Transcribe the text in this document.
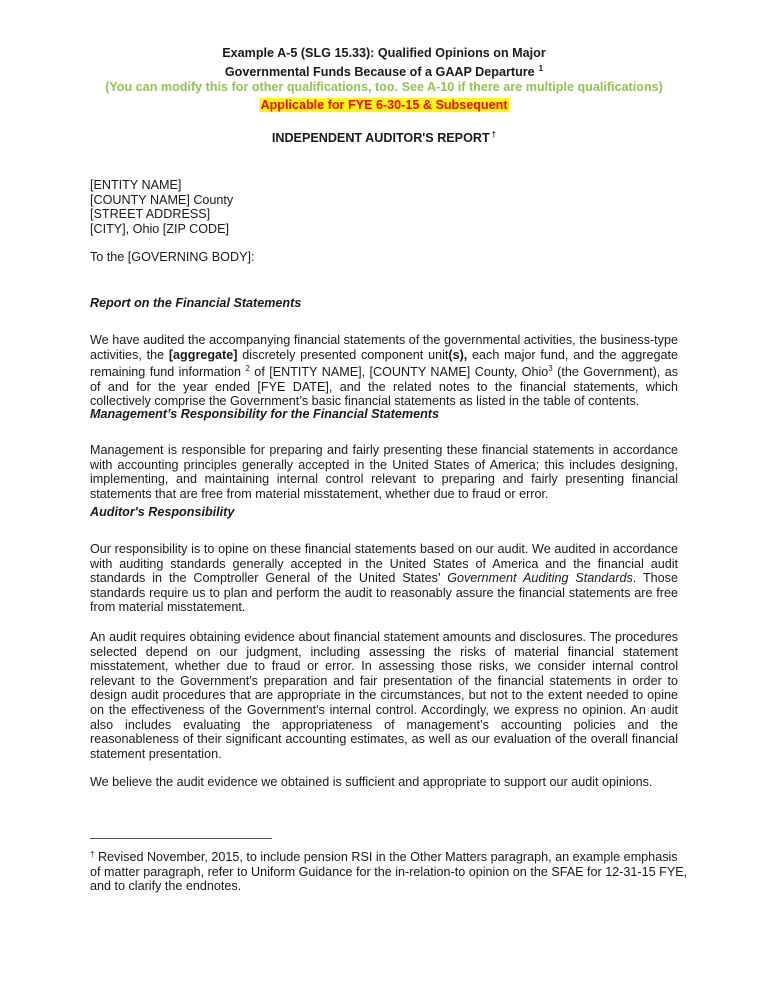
Example A-5 (SLG 15.33): Qualified Opinions on Major
Governmental Funds Because of a GAAP Departure $^1$
(You can modify this for other qualifications, too. See A-10 if there are multiple qualifications)
Applicable for FYE 6-30-15 & Subsequent
INDEPENDENT AUDITOR'S REPORT †
[ENTITY NAME]
[COUNTY NAME] County
[STREET ADDRESS]
[CITY], Ohio [ZIP CODE]
To the [GOVERNING BODY]:
Report on the Financial Statements
We have audited the accompanying financial statements of the governmental activities, the business-type activities, the [aggregate] discretely presented component unit(s), each major fund, and the aggregate remaining fund information $^2$ of [ENTITY NAME], [COUNTY NAME] County, Ohio$^3$ (the Government), as of and for the year ended [FYE DATE], and the related notes to the financial statements, which collectively comprise the Government’s basic financial statements as listed in the table of contents.
Management’s Responsibility for the Financial Statements
Management is responsible for preparing and fairly presenting these financial statements in accordance with accounting principles generally accepted in the United States of America; this includes designing, implementing, and maintaining internal control relevant to preparing and fairly presenting financial statements that are free from material misstatement, whether due to fraud or error.
Auditor's Responsibility
Our responsibility is to opine on these financial statements based on our audit. We audited in accordance with auditing standards generally accepted in the United States of America and the financial audit standards in the Comptroller General of the United States’ Government Auditing Standards. Those standards require us to plan and perform the audit to reasonably assure the financial statements are free from material misstatement.
An audit requires obtaining evidence about financial statement amounts and disclosures. The procedures selected depend on our judgment, including assessing the risks of material financial statement misstatement, whether due to fraud or error. In assessing those risks, we consider internal control relevant to the Government's preparation and fair presentation of the financial statements in order to design audit procedures that are appropriate in the circumstances, but not to the extent needed to opine on the effectiveness of the Government's internal control. Accordingly, we express no opinion. An audit also includes evaluating the appropriateness of management’s accounting policies and the reasonableness of their significant accounting estimates, as well as our evaluation of the overall financial statement presentation.
We believe the audit evidence we obtained is sufficient and appropriate to support our audit opinions.
† Revised November, 2015, to include pension RSI in the Other Matters paragraph, an example emphasis of matter paragraph, refer to Uniform Guidance for the in-relation-to opinion on the SFAE for 12-31-15 FYE, and to clarify the endnotes.
